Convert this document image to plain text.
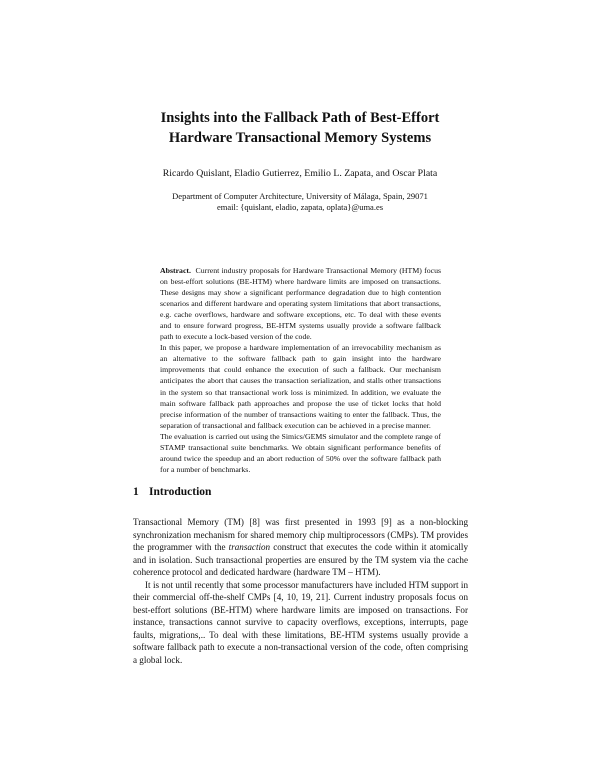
Insights into the Fallback Path of Best-Effort
Hardware Transactional Memory Systems
Ricardo Quislant, Eladio Gutierrez, Emilio L. Zapata, and Oscar Plata
Department of Computer Architecture, University of Málaga, Spain, 29071
email: {quislant, eladio, zapata, oplata}@uma.es

Abstract. Current industry proposals for Hardware Transactional Memory (HTM) focus on best-effort solutions (BE-HTM) where hardware limits are imposed on transactions. These designs may show a significant performance degradation due to high contention scenarios and different hardware and operating system limitations that abort transactions, e.g. cache overflows, hardware and software exceptions, etc. To deal with these events and to ensure forward progress, BE-HTM systems usually provide a software fallback path to execute a lock-based version of the code.

In this paper, we propose a hardware implementation of an irrevocability mechanism as an alternative to the software fallback path to gain insight into the hardware improvements that could enhance the execution of such a fallback. Our mechanism anticipates the abort that causes the transaction serialization, and stalls other transactions in the system so that transactional work loss is minimized. In addition, we evaluate the main software fallback path approaches and propose the use of ticket locks that hold precise information of the number of transactions waiting to enter the fallback. Thus, the separation of transactional and fallback execution can be achieved in a precise manner.

The evaluation is carried out using the Simics/GEMS simulator and the complete range of STAMP transactional suite benchmarks. We obtain significant performance benefits of around twice the speedup and an abort reduction of 50% over the software fallback path for a number of benchmarks.

1 Introduction

Transactional Memory (TM) [8] was first presented in 1993 [9] as a non-blocking synchronization mechanism for shared memory chip multiprocessors (CMPs). TM provides the programmer with the transaction construct that executes the code within it atomically and in isolation. Such transactional properties are ensured by the TM system via the cache coherence protocol and dedicated hardware (hardware TM – HTM).

It is not until recently that some processor manufacturers have included HTM support in their commercial off-the-shelf CMPs [4, 10, 19, 21]. Current industry proposals focus on best-effort solutions (BE-HTM) where hardware limits are imposed on transactions. For instance, transactions cannot survive to capacity overflows, exceptions, interrupts, page faults, migrations,.. To deal with these limitations, BE-HTM systems usually provide a software fallback path to execute a non-transactional version of the code, often comprising a global lock.
